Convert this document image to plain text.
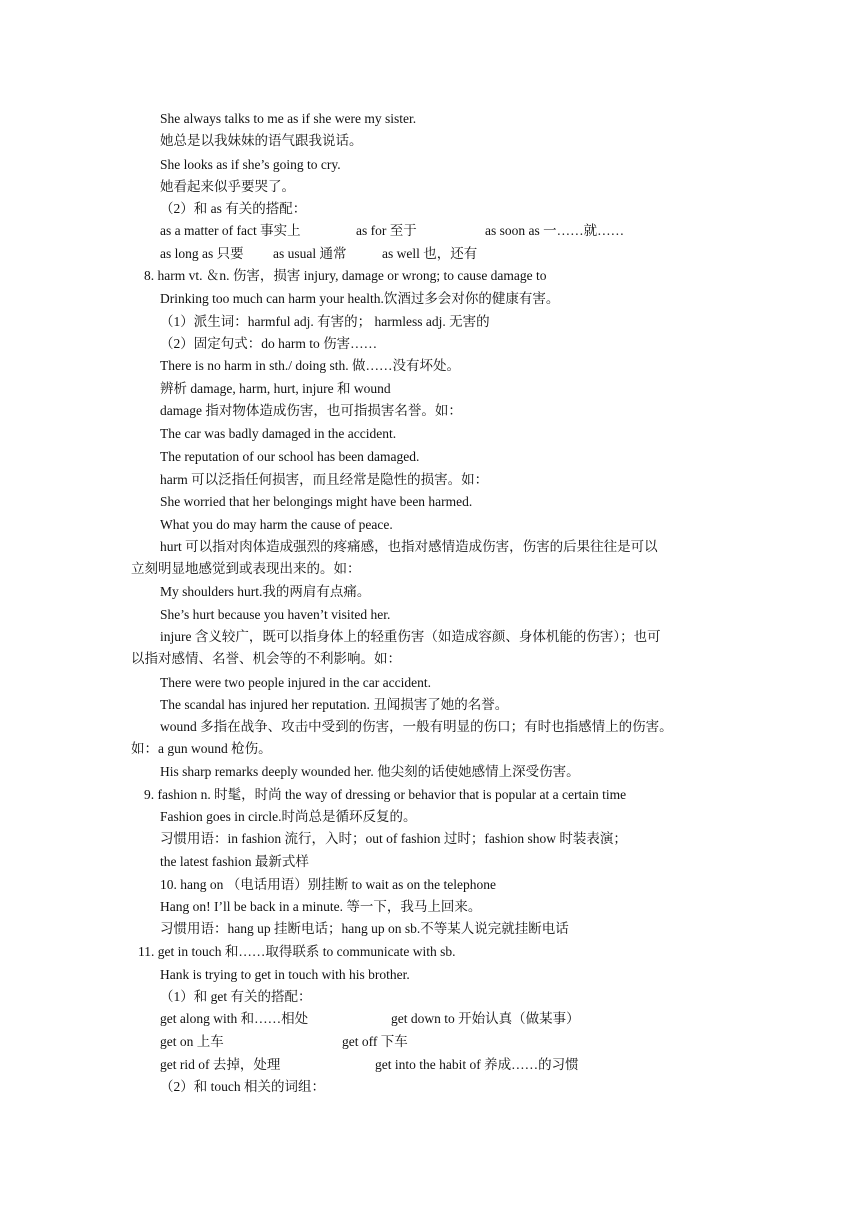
She always talks to me as if she were my sister.
她总是以我妹妹的语气跟我说话。
She looks as if she’s going to cry.
她看起来似乎要哭了。
（2）和 as 有关的搭配：
as a matter of fact 事实上	as for 至于	as soon as 一……就……
as long as 只要 as usual 通常	as well 也，还有
8. harm vt. ＆n. 伤害，损害 injury, damage or wrong; to cause damage to
Drinking too much can harm your health.饮酒过多会对你的健康有害。
（1）派生词：harmful adj. 有害的； harmless adj. 无害的
（2）固定句式：do harm to 伤害……
There is no harm in sth./ doing sth. 做……没有坏处。
辨析 damage, harm, hurt, injure 和 wound
damage 指对物体造成伤害，也可指损害名誉。如：
The car was badly damaged in the accident.
The reputation of our school has been damaged.
harm 可以泛指任何损害，而且经常是隐性的损害。如：
She worried that her belongings might have been harmed.
What you do may harm the cause of peace.
hurt 可以指对肉体造成强烈的疼痛感，也指对感情造成伤害，伤害的后果往往是可以
立刻明显地感觉到或表现出来的。如：
My shoulders hurt.我的两肩有点痛。
She’s hurt because you haven’t visited her.
injure 含义较广，既可以指身体上的轻重伤害（如造成容颜、身体机能的伤害）；也可
以指对感情、名誉、机会等的不利影响。如：
There were two people injured in the car accident.
The scandal has injured her reputation. 丑闻损害了她的名誉。
wound 多指在战争、攻击中受到的伤害，一般有明显的伤口；有时也指感情上的伤害。
如：a gun wound 枪伤。
His sharp remarks deeply wounded her. 他尖刻的话使她感情上深受伤害。
9. fashion n. 时髦，时尚 the way of dressing or behavior that is popular at a certain time
Fashion goes in circle.时尚总是循环反复的。
习惯用语：in fashion 流行，入时；out of fashion 过时；fashion show 时装表演；
the latest fashion 最新式样
10. hang on （电话用语）别挂断 to wait as on the telephone
Hang on! I’ll be back in a minute. 等一下，我马上回来。
习惯用语：hang up 挂断电话；hang up on sb.不等某人说完就挂断电话
11. get in touch 和……取得联系 to communicate with sb.
Hank is trying to get in touch with his brother.
（1）和 get 有关的搭配：
get along with 和……相处	get down to 开始认真（做某事）
get on 上车	get off 下车
get rid of 去掉，处理	get into the habit of 养成……的习惯
（2）和 touch 相关的词组：
